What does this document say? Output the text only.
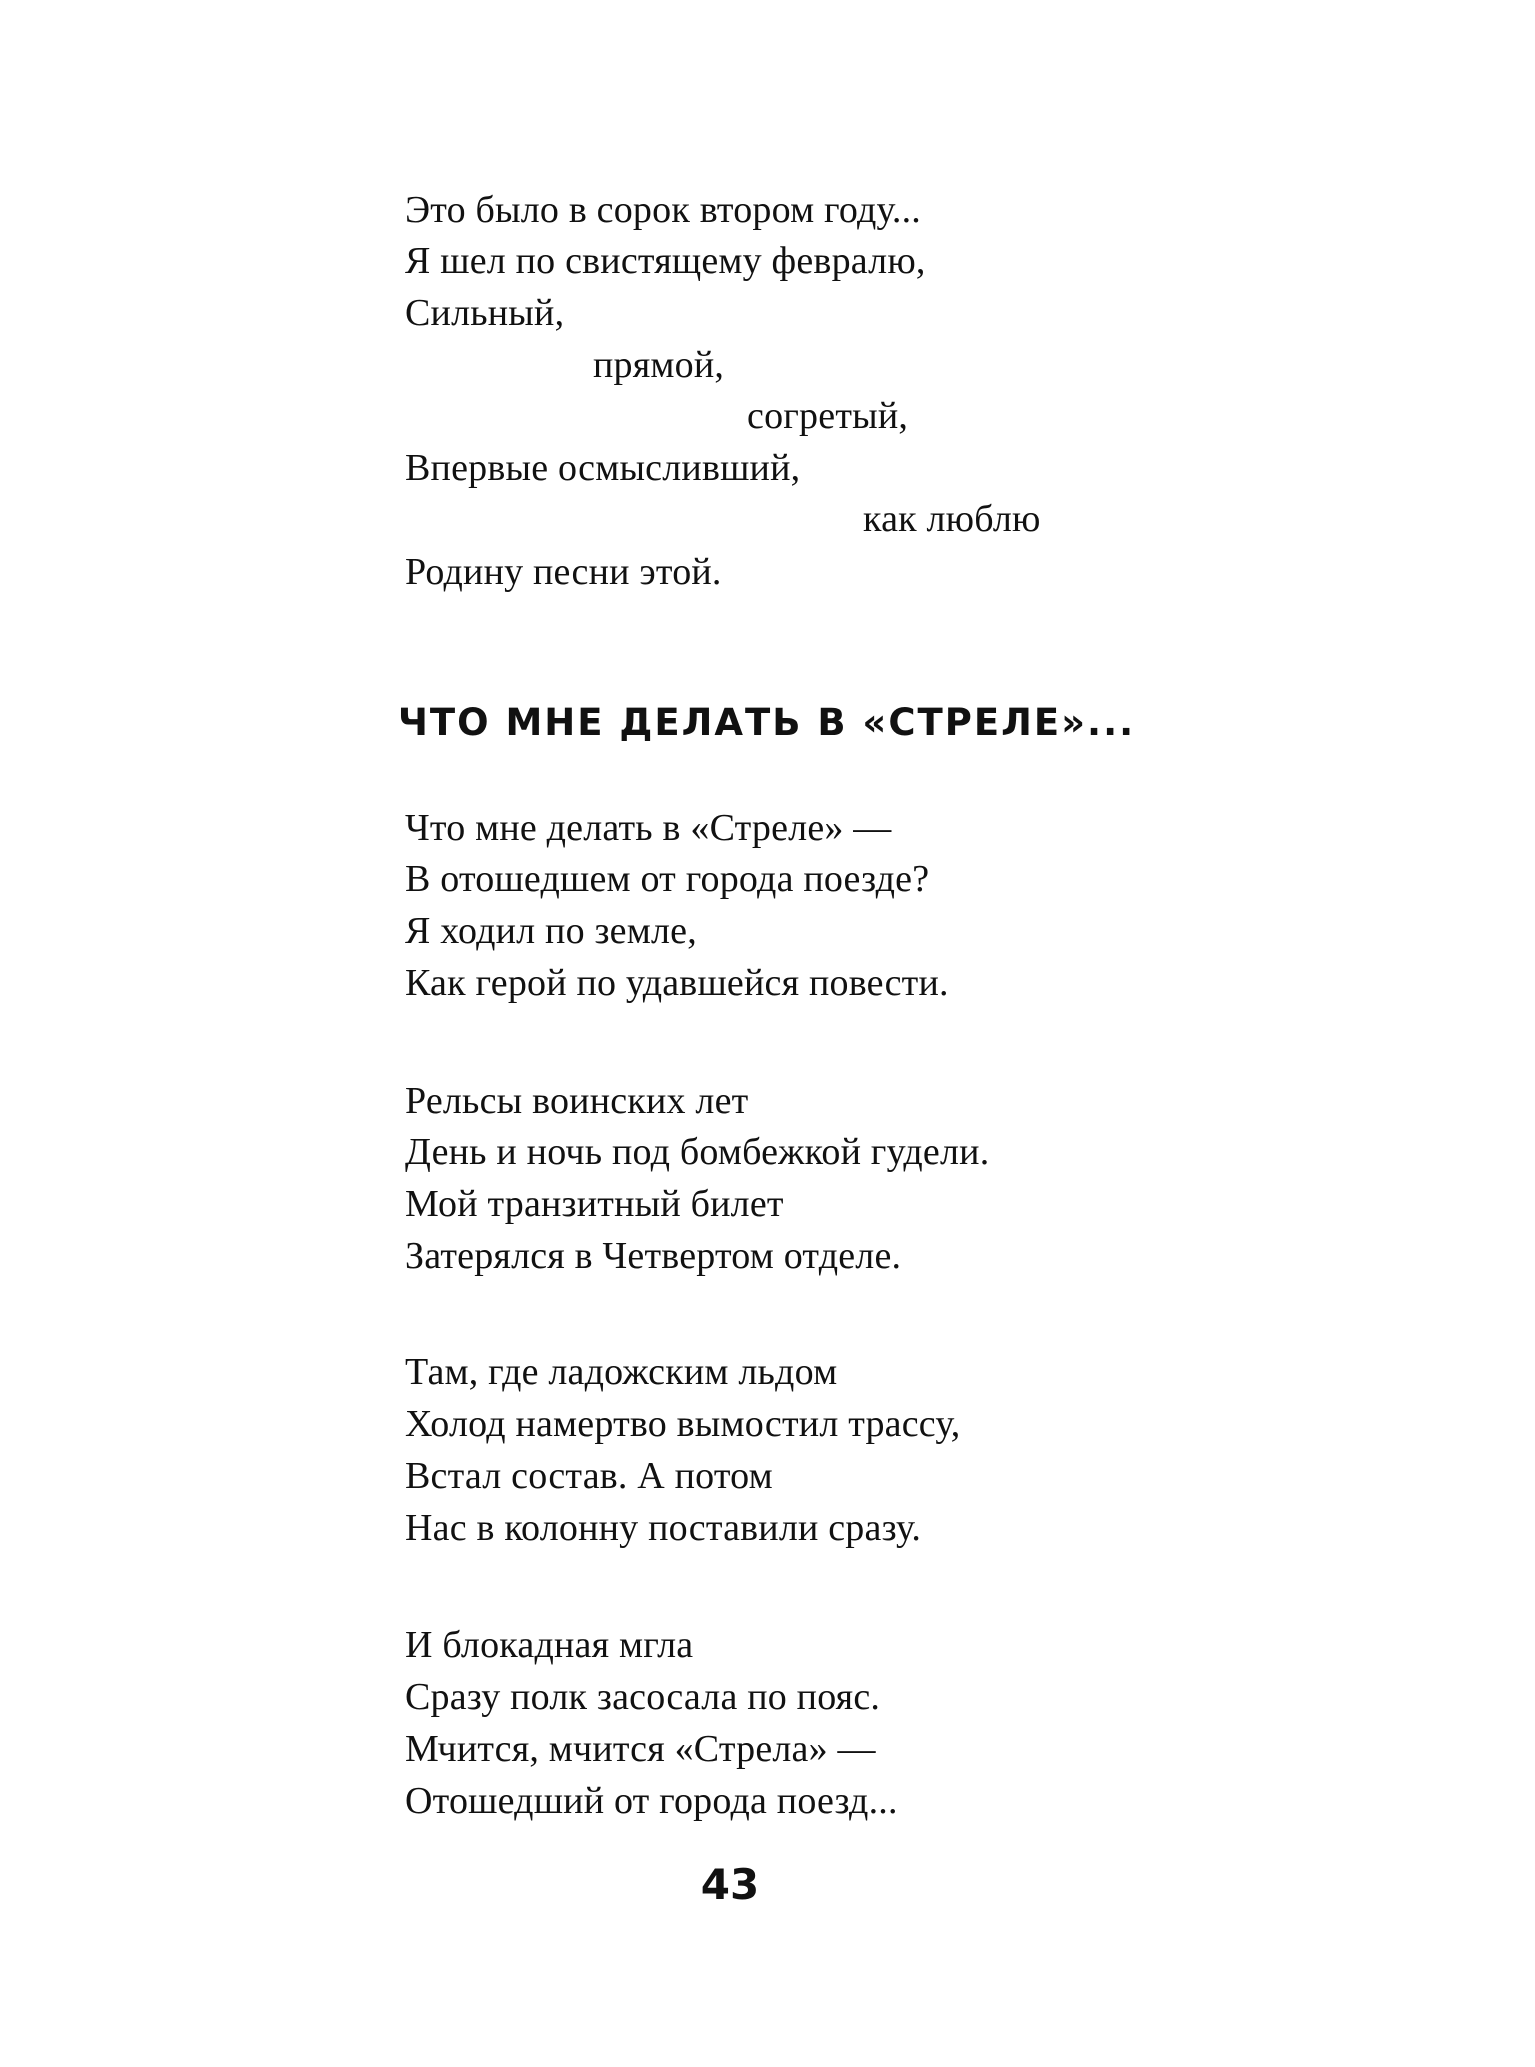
Это было в сорок втором году...
Я шел по свистящему февралю,
Сильный,
прямой,
согретый,
Впервые осмысливший,
как люблю
Родину песни этой.
ЧТО МНЕ ДЕЛАТЬ В «СТРЕЛЕ»...
Что мне делать в «Стреле» —
В отошедшем от города поезде?
Я ходил по земле,
Как герой по удавшейся повести.
Рельсы воинских лет
День и ночь под бомбежкой гудели.
Мой транзитный билет
Затерялся в Четвертом отделе.
Там, где ладожским льдом
Холод намертво вымостил трассу,
Встал состав. А потом
Нас в колонну поставили сразу.
И блокадная мгла
Сразу полк засосала по пояс.
Мчится, мчится «Стрела» —
Отошедший от города поезд...
43
